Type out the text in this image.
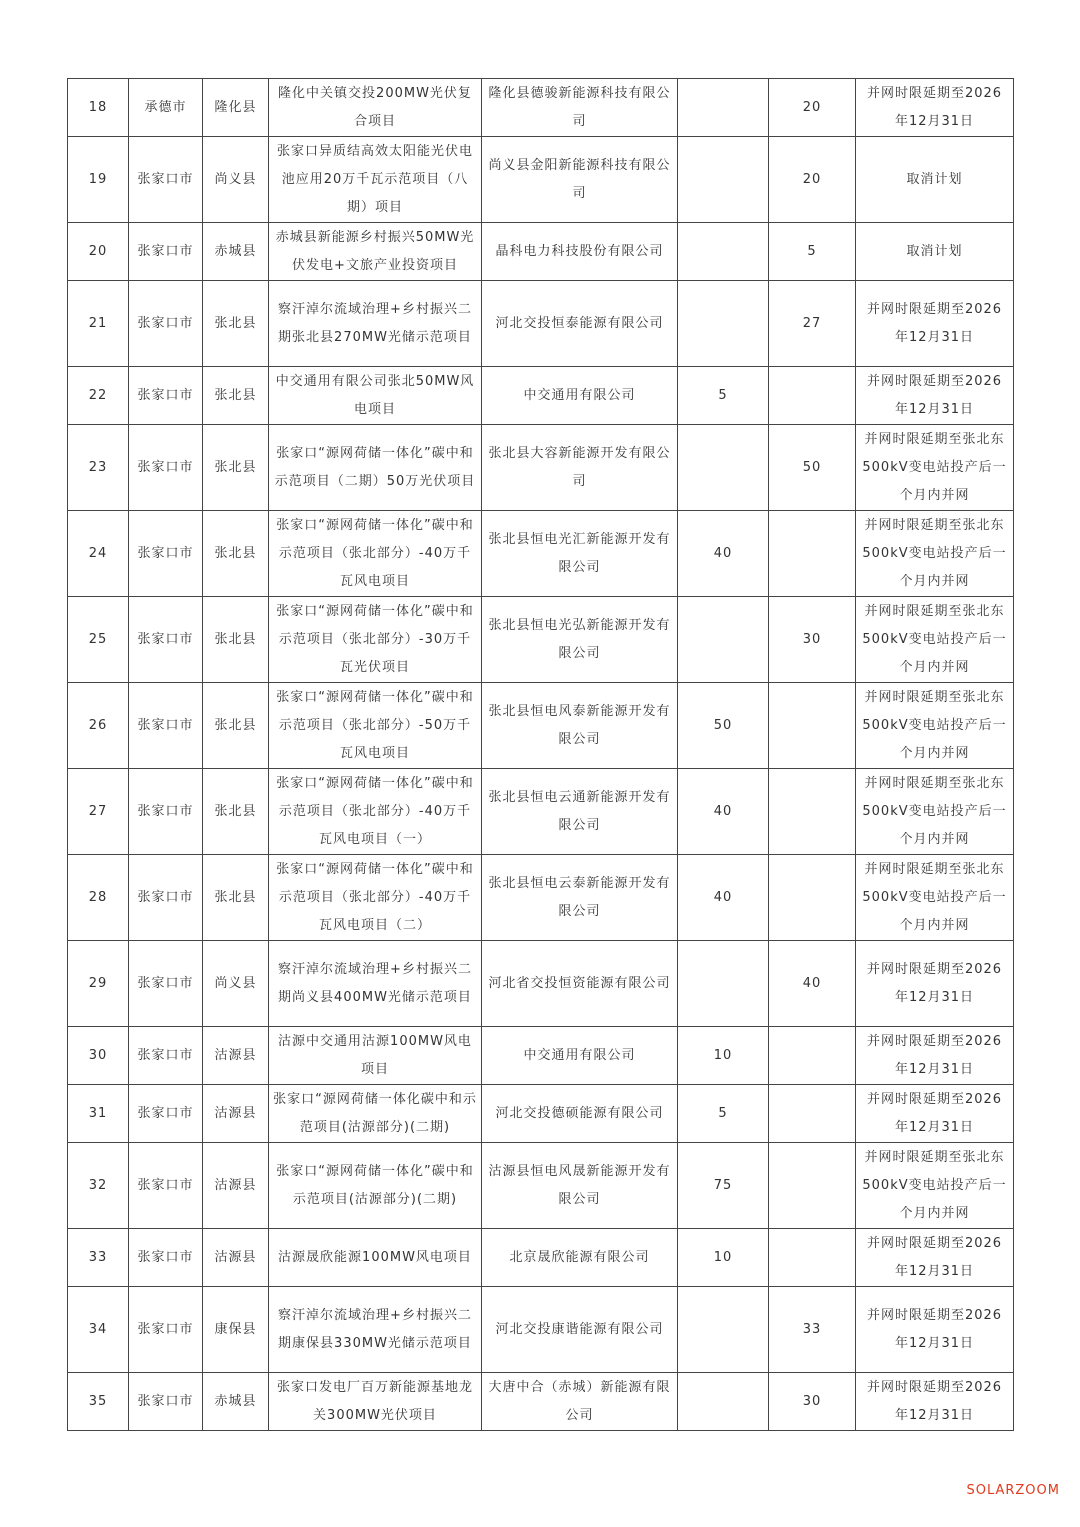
18	承德市	隆化县	隆化中关镇交投200MW光伏复合项目	隆化县德骏新能源科技有限公司		20	并网时限延期至2026年12月31日
19	张家口市	尚义县	张家口异质结高效太阳能光伏电池应用20万千瓦示范项目（八期）项目	尚义县金阳新能源科技有限公司		20	取消计划
20	张家口市	赤城县	赤城县新能源乡村振兴50MW光伏发电+文旅产业投资项目	晶科电力科技股份有限公司		5	取消计划
21	张家口市	张北县	察汗淖尔流域治理+乡村振兴二期张北县270MW光储示范项目	河北交投恒泰能源有限公司		27	并网时限延期至2026年12月31日
22	张家口市	张北县	中交通用有限公司张北50MW风电项目	中交通用有限公司	5		并网时限延期至2026年12月31日
23	张家口市	张北县	张家口“源网荷储一体化”碳中和示范项目（二期）50万光伏项目	张北县大容新能源开发有限公司		50	并网时限延期至张北东500kV变电站投产后一个月内并网
24	张家口市	张北县	张家口“源网荷储一体化”碳中和示范项目（张北部分）-40万千瓦风电项目	张北县恒电光汇新能源开发有限公司	40		并网时限延期至张北东500kV变电站投产后一个月内并网
25	张家口市	张北县	张家口“源网荷储一体化”碳中和示范项目（张北部分）-30万千瓦光伏项目	张北县恒电光弘新能源开发有限公司		30	并网时限延期至张北东500kV变电站投产后一个月内并网
26	张家口市	张北县	张家口“源网荷储一体化”碳中和示范项目（张北部分）-50万千瓦风电项目	张北县恒电风泰新能源开发有限公司	50		并网时限延期至张北东500kV变电站投产后一个月内并网
27	张家口市	张北县	张家口“源网荷储一体化”碳中和示范项目（张北部分）-40万千瓦风电项目（一）	张北县恒电云通新能源开发有限公司	40		并网时限延期至张北东500kV变电站投产后一个月内并网
28	张家口市	张北县	张家口“源网荷储一体化”碳中和示范项目（张北部分）-40万千瓦风电项目（二）	张北县恒电云泰新能源开发有限公司	40		并网时限延期至张北东500kV变电站投产后一个月内并网
29	张家口市	尚义县	察汗淖尔流域治理+乡村振兴二期尚义县400MW光储示范项目	河北省交投恒资能源有限公司		40	并网时限延期至2026年12月31日
30	张家口市	沽源县	沽源中交通用沽源100MW风电项目	中交通用有限公司	10		并网时限延期至2026年12月31日
31	张家口市	沽源县	张家口“源网荷储一体化碳中和示范项目(沽源部分)(二期)	河北交投德硕能源有限公司	5		并网时限延期至2026年12月31日
32	张家口市	沽源县	张家口“源网荷储一体化”碳中和示范项目(沽源部分)(二期)	沽源县恒电风晟新能源开发有限公司	75		并网时限延期至张北东500kV变电站投产后一个月内并网
33	张家口市	沽源县	沽源晟欣能源100MW风电项目	北京晟欣能源有限公司	10		并网时限延期至2026年12月31日
34	张家口市	康保县	察汗淖尔流域治理+乡村振兴二期康保县330MW光储示范项目	河北交投康谐能源有限公司		33	并网时限延期至2026年12月31日
35	张家口市	赤城县	张家口发电厂百万新能源基地龙关300MW光伏项目	大唐中合（赤城）新能源有限公司		30	并网时限延期至2026年12月31日
SOLARZOOM
